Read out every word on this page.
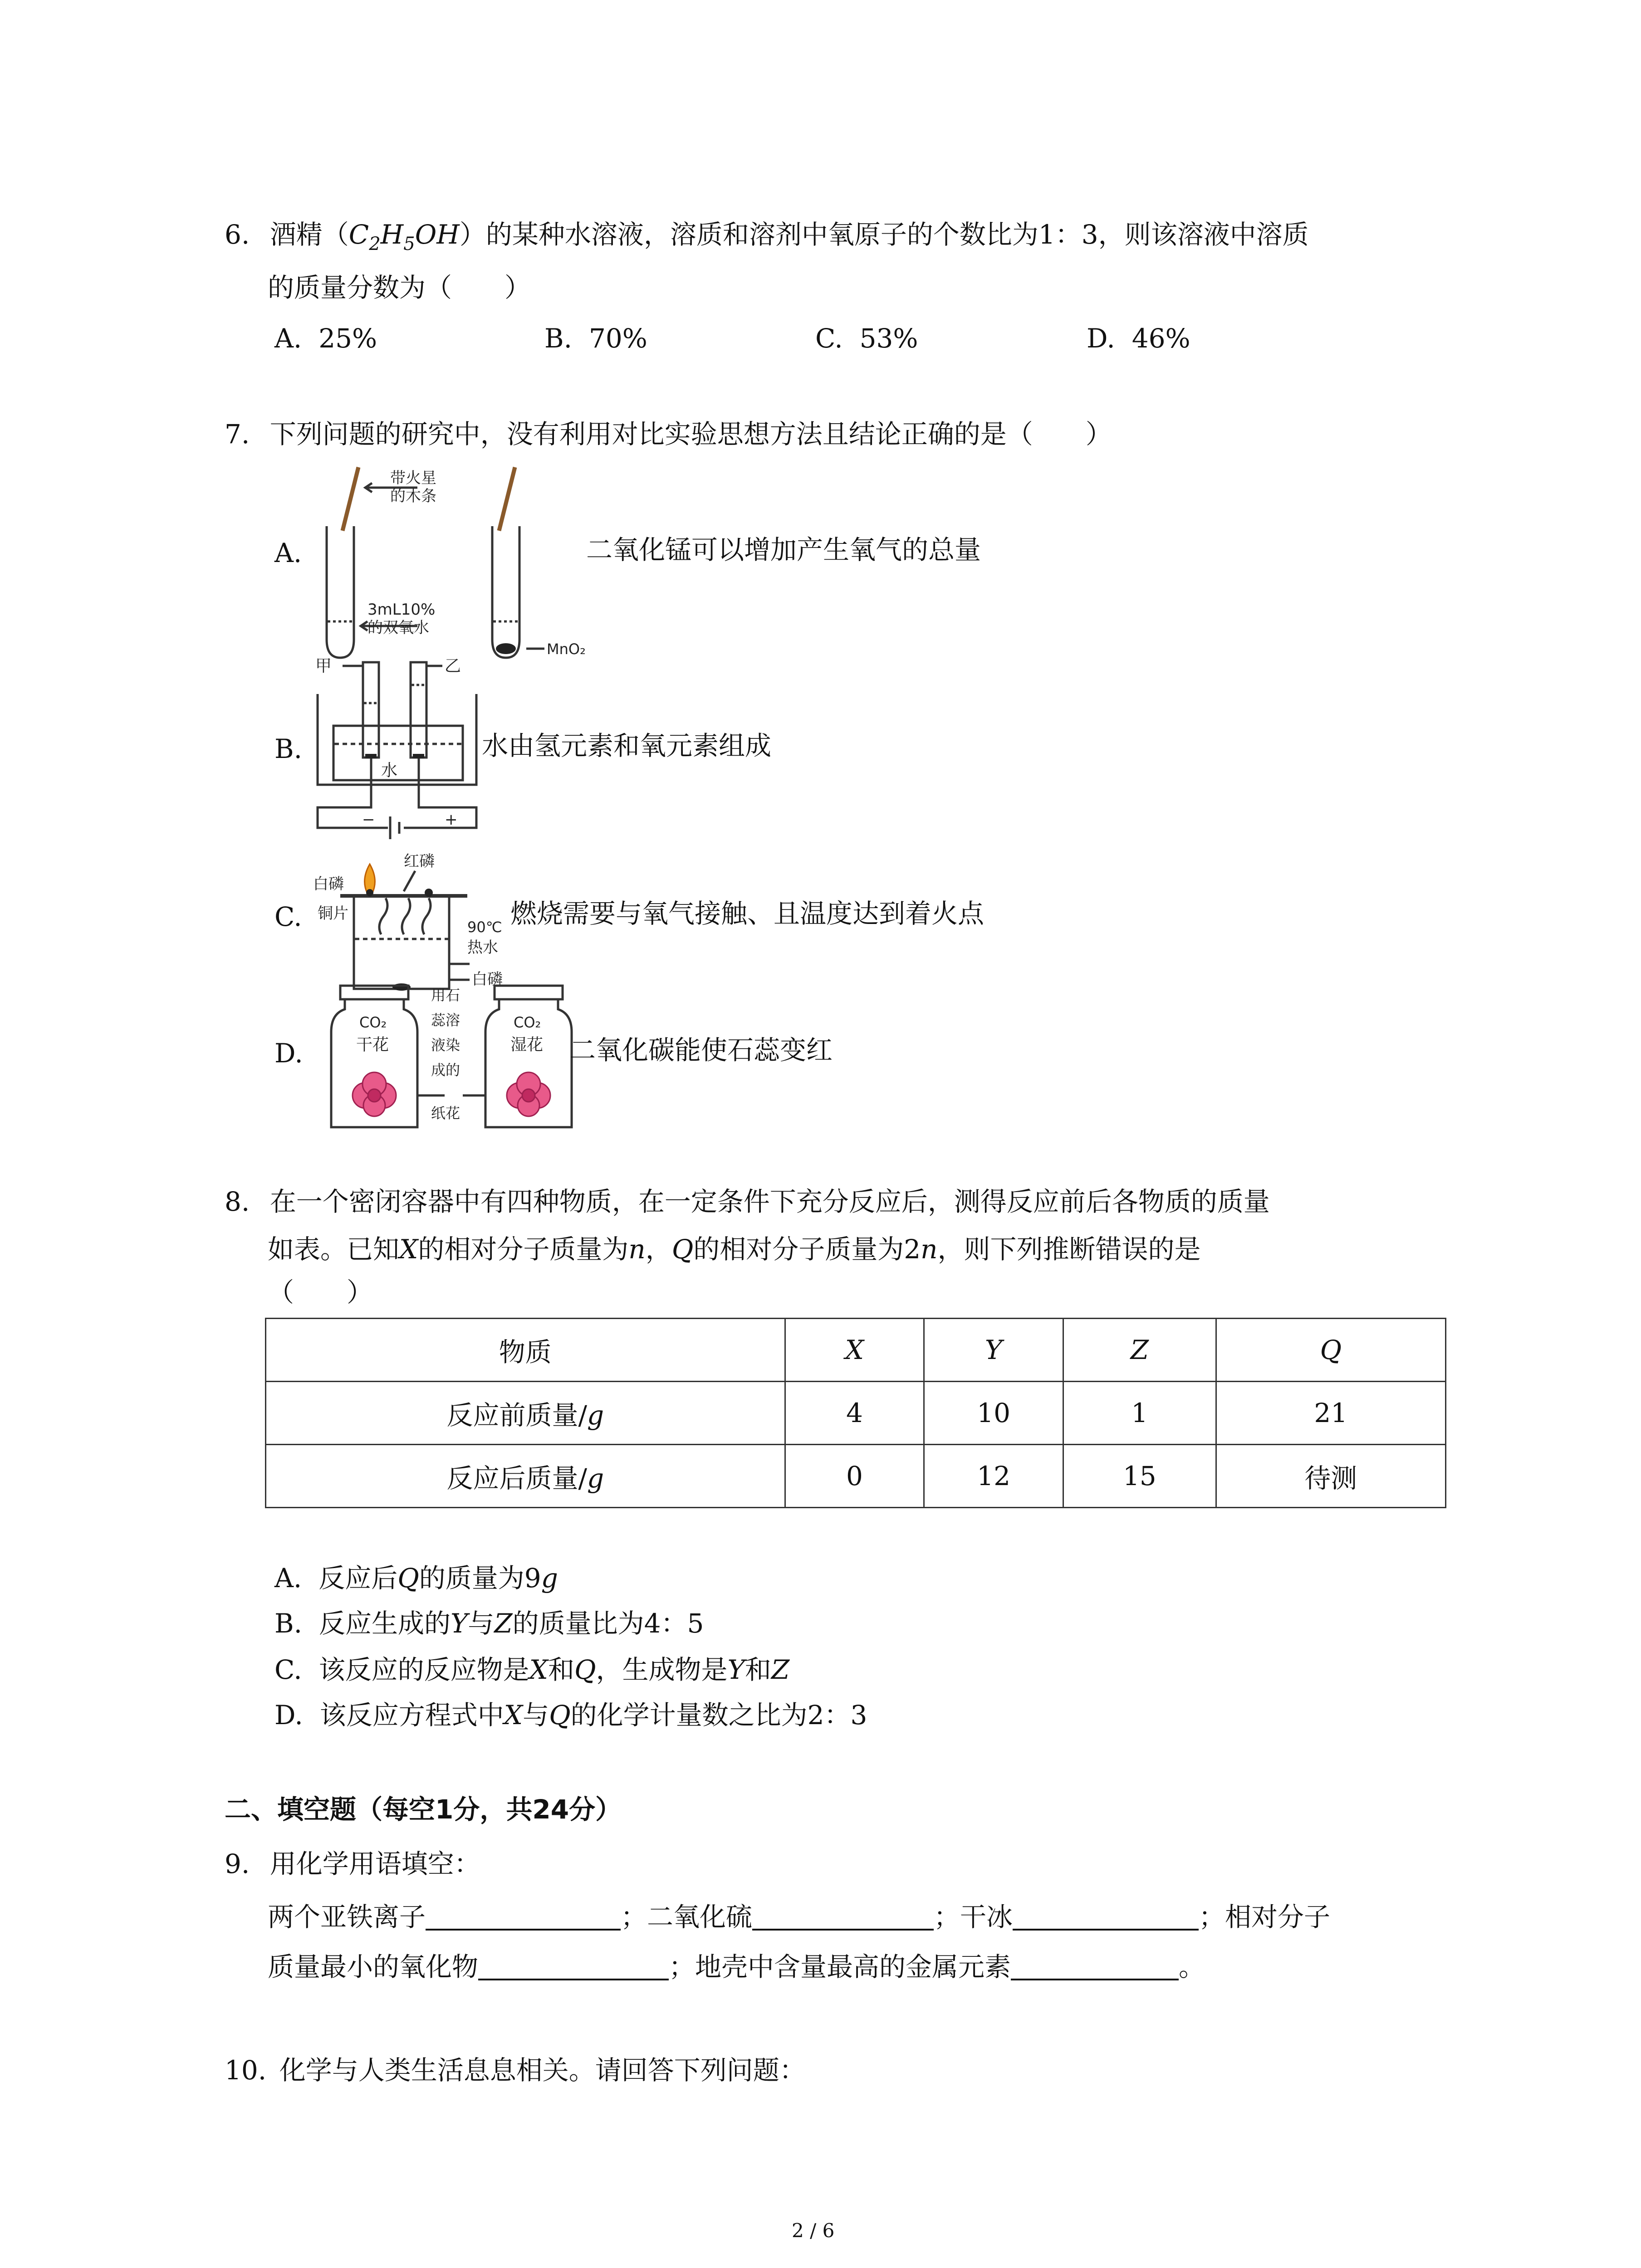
6. 酒精$(C_2H_5OH)$的某种水溶液，溶质和溶剂中氧原子的个数比为1：3，则该溶液中溶质
的质量分数为（　　）
A. 25%	B. 70%	C. 53%	D. 46%
7. 下列问题的研究中，没有利用对比实验思想方法且结论正确的是（　　）
A.
带火星
的木条
3mL10%
的双氧水
MnO₂
二氧化锰可以增加产生氧气的总量
B.
甲	乙
水
−	+
水由氢元素和氧元素组成
C.
红磷
白磷
铜片
90℃
热水
白磷
燃烧需要与氧气接触、且温度达到着火点
D.
CO₂
干花
CO₂
湿花
用石
蕊溶
液染
成的
纸花
二氧化碳能使石蕊变红
8. 在一个密闭容器中有四种物质，在一定条件下充分反应后，测得反应前后各物质的质量
如表。已知X的相对分子质量为n，Q的相对分子质量为2n，则下列推断错误的是
（　　）
物质	X	Y	Z	Q
反应前质量/g	4	10	1	21
反应后质量/g	0	12	15	待测
A. 反应后Q的质量为9g
B. 反应生成的Y与Z的质量比为4：5
C. 该反应的反应物是X和Q，生成物是Y和Z
D. 该反应方程式中X与Q的化学计量数之比为2：3
二、填空题（每空1分，共24分）
9. 用化学用语填空：
两个亚铁离子	；二氧化硫	；干冰	；相对分子
质量最小的氧化物	；地壳中含量最高的金属元素	。
10. 化学与人类生活息息相关。请回答下列问题：
2 / 6
